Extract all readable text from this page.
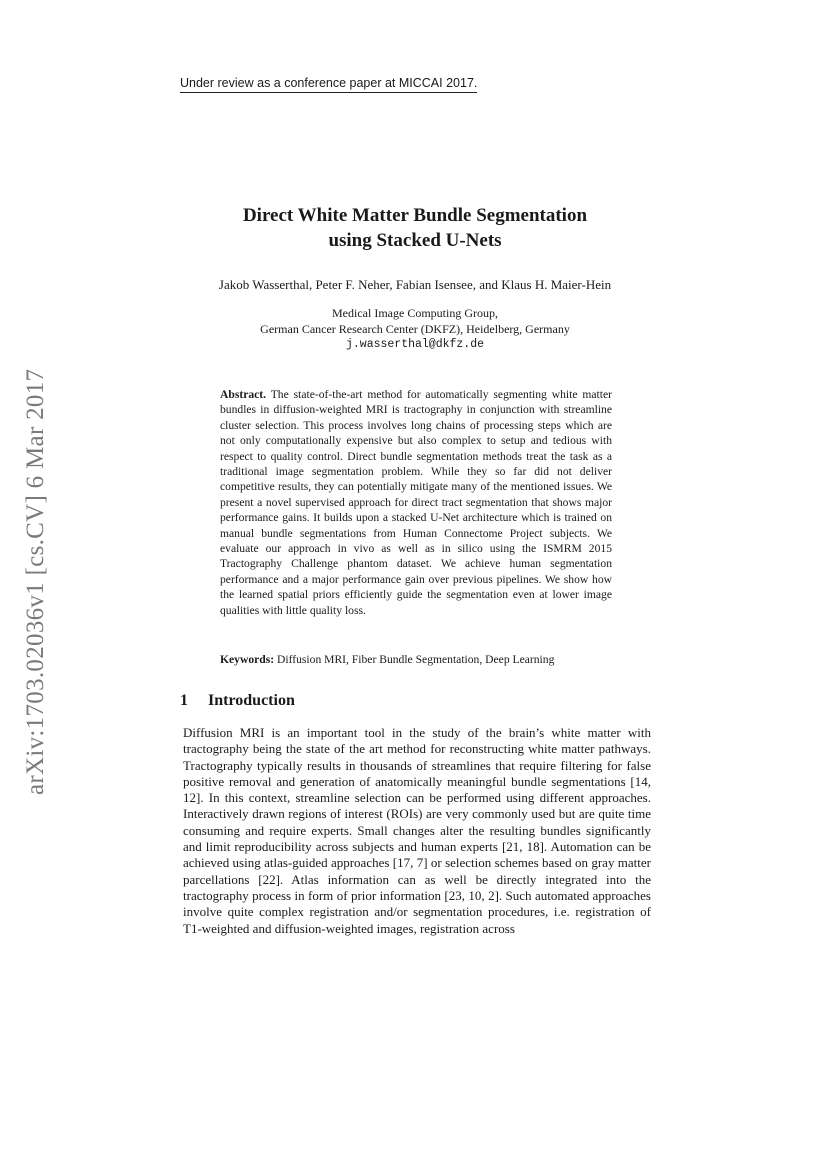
Under review as a conference paper at MICCAI 2017.
arXiv:1703.02036v1 [cs.CV] 6 Mar 2017
Direct White Matter Bundle Segmentation
using Stacked U-Nets
Jakob Wasserthal, Peter F. Neher, Fabian Isensee, and Klaus H. Maier-Hein
Medical Image Computing Group,
German Cancer Research Center (DKFZ), Heidelberg, Germany
j.wasserthal@dkfz.de
Abstract. The state-of-the-art method for automatically segmenting white matter bundles in diffusion-weighted MRI is tractography in conjunction with streamline cluster selection. This process involves long chains of processing steps which are not only computationally expensive but also complex to setup and tedious with respect to quality control. Direct bundle segmentation methods treat the task as a traditional image segmentation problem. While they so far did not deliver competitive results, they can potentially mitigate many of the mentioned issues. We present a novel supervised approach for direct tract segmentation that shows major performance gains. It builds upon a stacked U-Net architecture which is trained on manual bundle segmentations from Human Connectome Project subjects. We evaluate our approach in vivo as well as in silico using the ISMRM 2015 Tractography Challenge phantom dataset. We achieve human segmentation performance and a major performance gain over previous pipelines. We show how the learned spatial priors efficiently guide the segmentation even at lower image qualities with little quality loss.
Keywords: Diffusion MRI, Fiber Bundle Segmentation, Deep Learning
1 Introduction
Diffusion MRI is an important tool in the study of the brain’s white matter with tractography being the state of the art method for reconstructing white matter pathways. Tractography typically results in thousands of streamlines that require filtering for false positive removal and generation of anatomically meaningful bundle segmentations [14, 12]. In this context, streamline selection can be performed using different approaches. Interactively drawn regions of interest (ROIs) are very commonly used but are quite time consuming and require experts. Small changes alter the resulting bundles significantly and limit reproducibility across subjects and human experts [21, 18]. Automation can be achieved using atlas-guided approaches [17, 7] or selection schemes based on gray matter parcellations [22]. Atlas information can as well be directly integrated into the tractography process in form of prior information [23, 10, 2]. Such automated approaches involve quite complex registration and/or segmentation procedures, i.e. registration of T1-weighted and diffusion-weighted images, registration across
